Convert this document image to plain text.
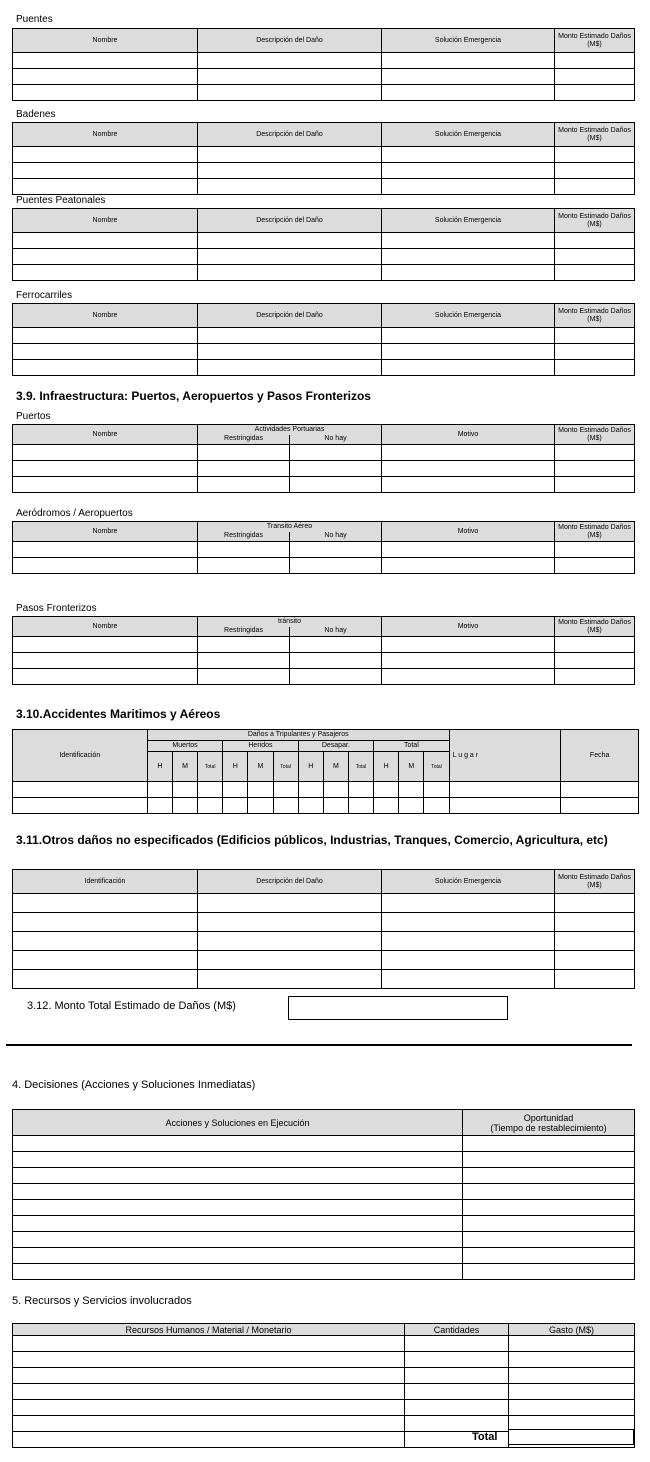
Puentes
Nombre	Descripción del Daño	Solución Emergencia	Monto Estimado Daños (M$)

Badenes
Nombre	Descripción del Daño	Solución Emergencia	Monto Estimado Daños (M$)

Puentes Peatonales
Nombre	Descripción del Daño	Solución Emergencia	Monto Estimado Daños (M$)

Ferrocarriles
Nombre	Descripción del Daño	Solución Emergencia	Monto Estimado Daños (M$)

3.9. Infraestructura: Puertos, Aeropuertos y Pasos Fronterizos
Puertos
Nombre	Actividades Portuarias		Motivo	Monto Estimado Daños (M$)
	Restringidas	No hay		

Aeródromos / Aeropuertos
Nombre	Transito Aéreo		Motivo	Monto Estimado Daños (M$)
	Restringidas	No hay		

Pasos Fronterizos
Nombre	tránsito		Motivo	Monto Estimado Daños (M$)
	Restringidas	No hay		

3.10.Accidentes Maritimos y Aéreos
Identificación	Daños a Tripulantes y Pasajeros												L u g a r	Fecha
	Muertos			Heridos			Desapar.			Total				
	H	M	Total	H	M	Total	H	M	Total	H	M	Total		

3.11.Otros daños no especificados (Edificios públicos, Industrias, Tranques, Comercio, Agricultura, etc)
Identificación	Descripción del Daño	Solución Emergencia	Monto Estimado Daños (M$)

3.12. Monto Total Estimado de Daños (M$)
4. Decisiones (Acciones y Soluciones Inmediatas)
Acciones y Soluciones en Ejecución	Oportunidad
(Tiempo de restablecimiento)

5. Recursos y Servicios involucrados
Recursos Humanos / Material / Monetario	Cantidades	Gasto (M$)

Total
